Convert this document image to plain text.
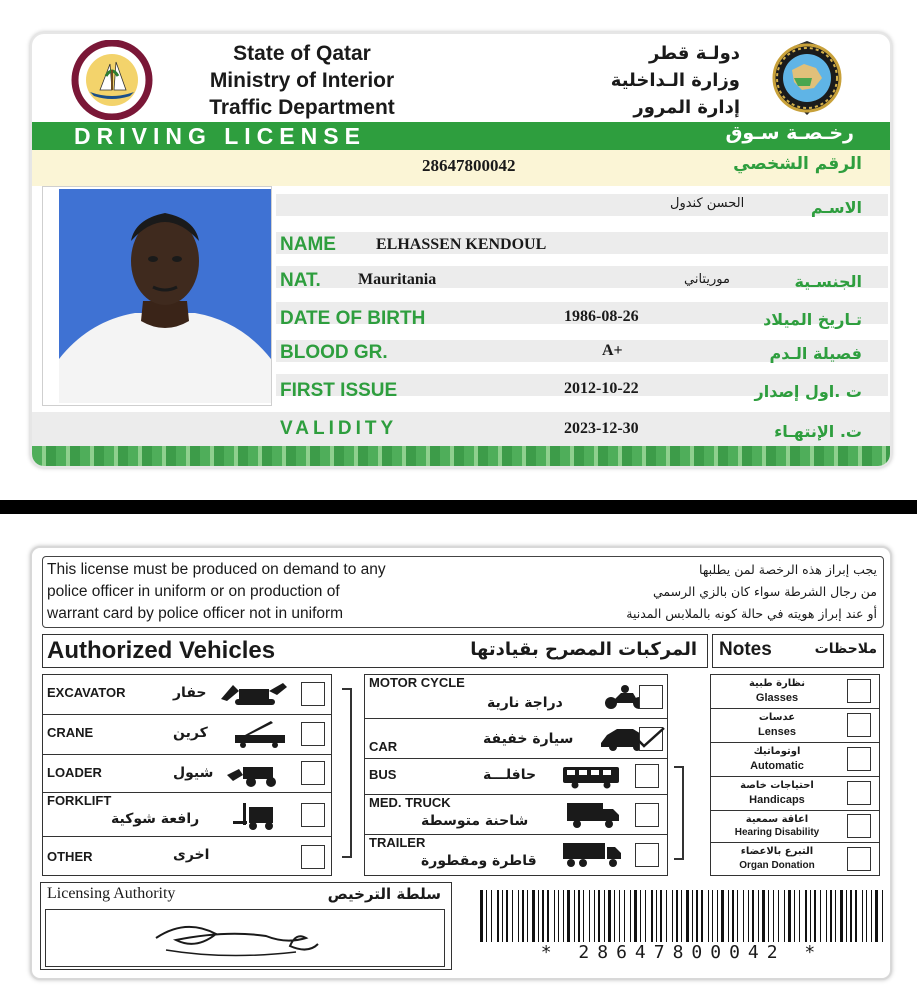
State of Qatar
Ministry of Interior
Traffic Department
دولـة قطر
وزارة الـداخلية
إدارة المرور
DRIVING LICENSE	رخـصـة سـوق
28647800042	الرقم الشخصي
الحسن كندول	الاسـم
NAME	ELHASSEN KENDOUL
NAT. Mauritania	موريتاني	الجنسـية
DATE OF BIRTH	1986-08-26	تـاريخ الميلاد
BLOOD GR.	A+	فصيلة الـدم
FIRST ISSUE	2012-10-22	ت .اول إصدار
VALIDITY	2023-12-30	ت. الإنتهـاء
This license must be produced on demand to any
police officer in uniform or on production of
warrant card by police officer not in uniform
يجب إبراز هذه الرخصة لمن يطلبها
من رجال الشرطة سواء كان بالزي الرسمي
أو عند إبراز هويته في حالة كونه بالملابس المدنية
Authorized Vehicles	المركبات المصرح بقيادتها Notes	ملاحظات
EXCAVATOR	حفار
CRANE	كرين
LOADER	شيول
FORKLIFT
رافعة شوكية
OTHER	اخرى
MOTOR CYCLE
دراجة نارية
CAR	سيارة خفيفة
BUS	حافلـــة
MED. TRUCK
شاحنة متوسطة
TRAILER
قاطرة ومقطورة
نظارة طبية
Glasses
عدسات
Lenses
اوتوماتيك
Automatic
احتياجات خاصة
Handicaps
اعاقة سمعية
Hearing Disability
التبرع بالاعضاء
Organ Donation
Licensing Authority	سلطة الترخيص
* 28647800042 *
